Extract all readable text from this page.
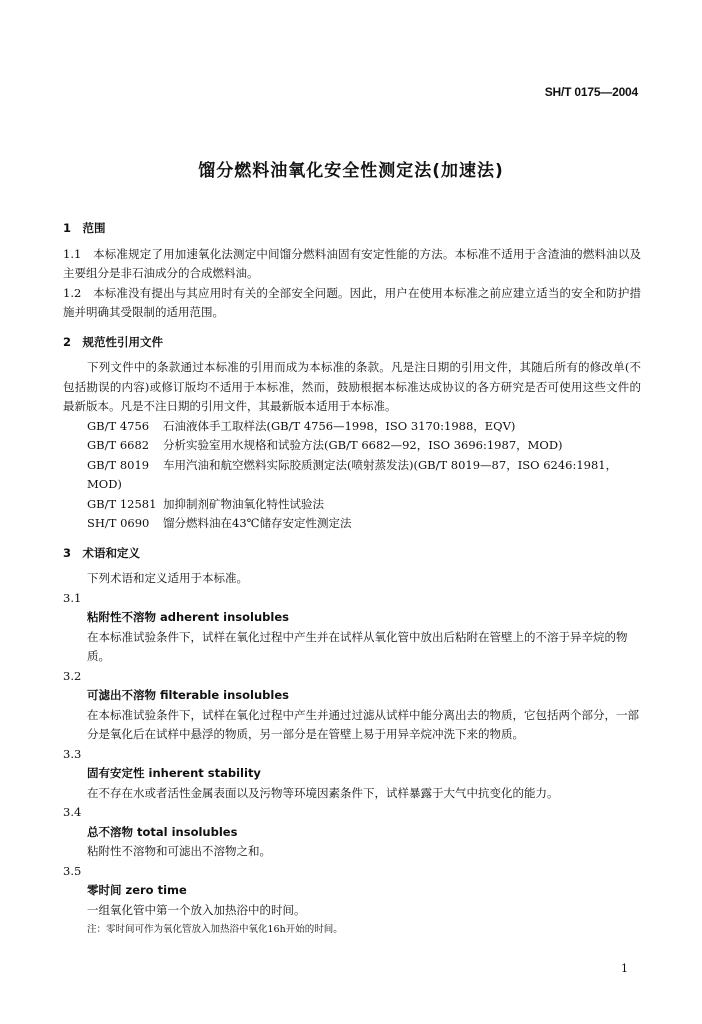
SH/T 0175—2004
馏分燃料油氧化安全性测定法(加速法)

1　范围

1.1　本标准规定了用加速氧化法测定中间馏分燃料油固有安定性能的方法。本标准不适用于含渣油的燃料油以及主要组分是非石油成分的合成燃料油。

1.2　本标准没有提出与其应用时有关的全部安全问题。因此，用户在使用本标准之前应建立适当的安全和防护措施并明确其受限制的适用范围。

2　规范性引用文件

下列文件中的条款通过本标准的引用而成为本标准的条款。凡是注日期的引用文件，其随后所有的修改单(不包括勘误的内容)或修订版均不适用于本标准，然而，鼓励根据本标准达成协议的各方研究是否可使用这些文件的最新版本。凡是不注日期的引用文件，其最新版本适用于本标准。

GB/T 4756 石油液体手工取样法(GB/T 4756—1998，ISO 3170:1988，EQV)

GB/T 6682 分析实验室用水规格和试验方法(GB/T 6682—92，ISO 3696:1987，MOD)

GB/T 8019 车用汽油和航空燃料实际胶质测定法(喷射蒸发法)(GB/T 8019—87，ISO 6246:1981，MOD)

GB/T 12581 加抑制剂矿物油氧化特性试验法

SH/T 0690 馏分燃料油在43℃储存安定性测定法

3　术语和定义

下列术语和定义适用于本标准。

3.1

粘附性不溶物 adherent insolubles

在本标准试验条件下，试样在氧化过程中产生并在试样从氧化管中放出后粘附在管壁上的不溶于异辛烷的物质。

3.2

可滤出不溶物 filterable insolubles

在本标准试验条件下，试样在氧化过程中产生并通过过滤从试样中能分离出去的物质，它包括两个部分，一部分是氧化后在试样中悬浮的物质，另一部分是在管壁上易于用异辛烷冲洗下来的物质。

3.3

固有安定性 inherent stability

在不存在水或者活性金属表面以及污物等环境因素条件下，试样暴露于大气中抗变化的能力。

3.4

总不溶物 total insolubles

粘附性不溶物和可滤出不溶物之和。

3.5

零时间 zero time

一组氧化管中第一个放入加热浴中的时间。

注：零时间可作为氧化管放入加热浴中氧化16h开始的时间。

1
